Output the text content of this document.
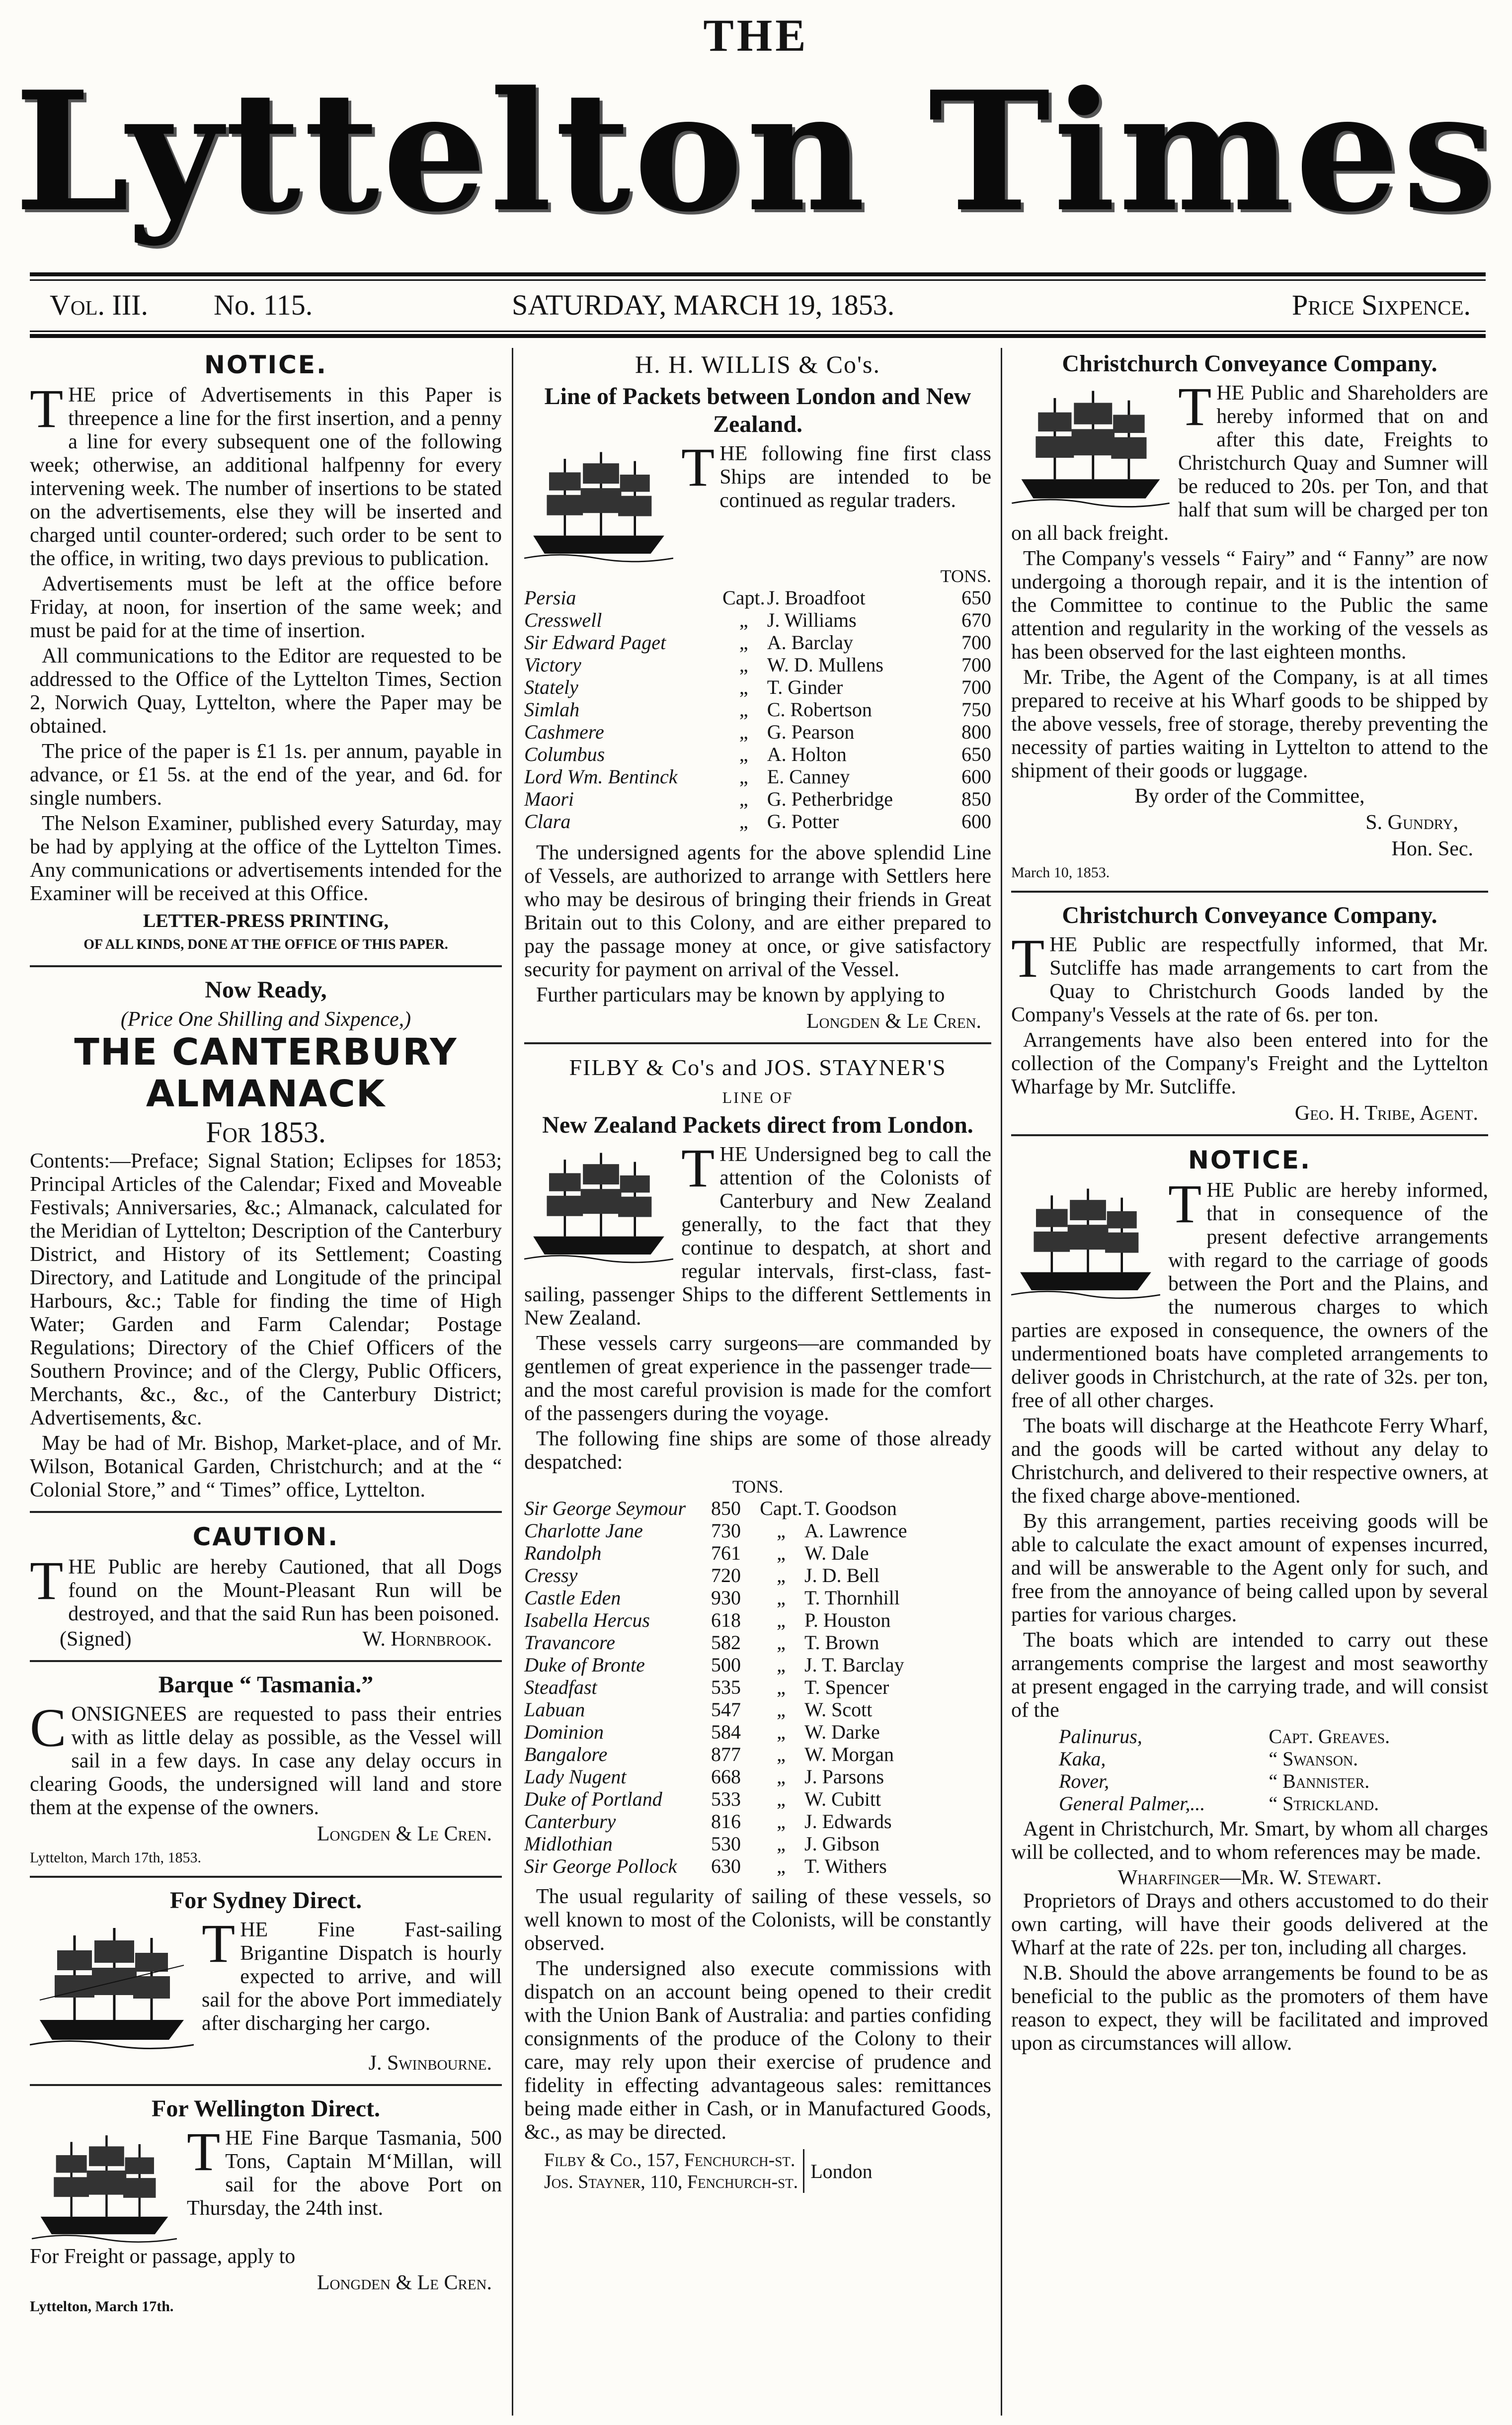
THE
Lyttelton Times
Vol. III. No. 115.	SATURDAY, MARCH 19, 1853.	Price Sixpence.
NOTICE.

THE price of Advertisements in this Paper is threepence a line for the first insertion, and a penny a line for every subsequent one of the following week; otherwise, an additional halfpenny for every intervening week. The number of insertions to be stated on the advertisements, else they will be inserted and charged until counter-ordered; such order to be sent to the office, in writing, two days previous to publication.

Advertisements must be left at the office before Friday, at noon, for insertion of the same week; and must be paid for at the time of insertion.

All communications to the Editor are requested to be addressed to the Office of the Lyttelton Times, Section 2, Norwich Quay, Lyttelton, where the Paper may be obtained.

The price of the paper is £1 1s. per annum, payable in advance, or £1 5s. at the end of the year, and 6d. for single numbers.

The Nelson Examiner, published every Saturday, may be had by applying at the office of the Lyttelton Times. Any communications or advertisements intended for the Examiner will be received at this Office.

LETTER-PRESS PRINTING,
OF ALL KINDS, DONE AT THE OFFICE OF THIS PAPER.
Now Ready,
(Price One Shilling and Sixpence,)
THE CANTERBURY ALMANACK
For 1853.

Contents:—Preface; Signal Station; Eclipses for 1853; Principal Articles of the Calendar; Fixed and Moveable Festivals; Anniversaries, &c.; Almanack, calculated for the Meridian of Lyttelton; Description of the Canterbury District, and History of its Settlement; Coasting Directory, and Latitude and Longitude of the principal Harbours, &c.; Table for finding the time of High Water; Garden and Farm Calendar; Postage Regulations; Directory of the Chief Officers of the Southern Province; and of the Clergy, Public Officers, Merchants, &c., &c., of the Canterbury District; Advertisements, &c.

May be had of Mr. Bishop, Market-place, and of Mr. Wilson, Botanical Garden, Christchurch; and at the “ Colonial Store,” and “ Times” office, Lyttelton.

CAUTION.

THE Public are hereby Cautioned, that all Dogs found on the Mount-Pleasant Run will be destroyed, and that the said Run has been poisoned.

(Signed)	W. Hornbrook.
Barque “ Tasmania.”

CONSIGNEES are requested to pass their entries with as little delay as possible, as the Vessel will sail in a few days. In case any delay occurs in clearing Goods, the undersigned will land and store them at the expense of the owners.

Longden & Le Cren.
Lyttelton, March 17th, 1853.
For Sydney Direct.

THE Fine Fast-sailing Brigantine Dispatch is hourly expected to arrive, and will sail for the above Port immediately after discharging her cargo.

J. Swinbourne.
For Wellington Direct.

THE Fine Barque Tasmania, 500 Tons, Captain M‘Millan, will sail for the above Port on Thursday, the 24th inst.

For Freight or passage, apply to

Longden & Le Cren.
Lyttelton, March 17th.
H. H. WILLIS & Co's.
Line of Packets between London and New Zealand.

THE following fine first class Ships are intended to be continued as regular traders.

TONS.
Persia	Capt.	J. Broadfoot	650
Cresswell	„	J. Williams	670
Sir Edward Paget	„	A. Barclay	700
Victory	„	W. D. Mullens	700
Stately	„	T. Ginder	700
Simlah	„	C. Robertson	750
Cashmere	„	G. Pearson	800
Columbus	„	A. Holton	650
Lord Wm. Bentinck	„	E. Canney	600
Maori	„	G. Petherbridge	850
Clara	„	G. Potter	600

The undersigned agents for the above splendid Line of Vessels, are authorized to arrange with Settlers here who may be desirous of bringing their friends in Great Britain out to this Colony, and are either prepared to pay the passage money at once, or give satisfactory security for payment on arrival of the Vessel.

Further particulars may be known by applying to

Longden & Le Cren.
FILBY & Co's and JOS. STAYNER'S
LINE OF
New Zealand Packets direct from London.

THE Undersigned beg to call the attention of the Colonists of Canterbury and New Zealand generally, to the fact that they continue to despatch, at short and regular intervals, first-class, fast-sailing, passenger Ships to the different Settlements in New Zealand.

These vessels carry surgeons—are commanded by gentlemen of great experience in the passenger trade—and the most careful provision is made for the comfort of the passengers during the voyage.

The following fine ships are some of those already despatched:

TONS.
Sir George Seymour	850	Capt.	T. Goodson
Charlotte Jane	730	„	A. Lawrence
Randolph	761	„	W. Dale
Cressy	720	„	J. D. Bell
Castle Eden	930	„	T. Thornhill
Isabella Hercus	618	„	P. Houston
Travancore	582	„	T. Brown
Duke of Bronte	500	„	J. T. Barclay
Steadfast	535	„	T. Spencer
Labuan	547	„	W. Scott
Dominion	584	„	W. Darke
Bangalore	877	„	W. Morgan
Lady Nugent	668	„	J. Parsons
Duke of Portland	533	„	W. Cubitt
Canterbury	816	„	J. Edwards
Midlothian	530	„	J. Gibson
Sir George Pollock	630	„	T. Withers

The usual regularity of sailing of these vessels, so well known to most of the Colonists, will be constantly observed.

The undersigned also execute commissions with dispatch on an account being opened to their credit with the Union Bank of Australia: and parties confiding consignments of the produce of the Colony to their care, may rely upon their exercise of prudence and fidelity in effecting advantageous sales: remittances being made either in Cash, or in Manufactured Goods, &c., as may be directed.

Filby & Co., 157, Fenchurch-st.
Jos. Stayner, 110, Fenchurch-st. London
Christchurch Conveyance Company.

THE Public and Shareholders are hereby informed that on and after this date, Freights to Christchurch Quay and Sumner will be reduced to 20s. per Ton, and that half that sum will be charged per ton on all back freight.

The Company's vessels “ Fairy” and “ Fanny” are now undergoing a thorough repair, and it is the intention of the Committee to continue to the Public the same attention and regularity in the working of the vessels as has been observed for the last eighteen months.

Mr. Tribe, the Agent of the Company, is at all times prepared to receive at his Wharf goods to be shipped by the above vessels, free of storage, thereby preventing the necessity of parties waiting in Lyttelton to attend to the shipment of their goods or luggage.

By order of the Committee,
S. Gundry,
Hon. Sec.
March 10, 1853.
Christchurch Conveyance Company.

THE Public are respectfully informed, that Mr. Sutcliffe has made arrangements to cart from the Quay to Christchurch Goods landed by the Company's Vessels at the rate of 6s. per ton.

Arrangements have also been entered into for the collection of the Company's Freight and the Lyttelton Wharfage by Mr. Sutcliffe.

Geo. H. Tribe, Agent.
NOTICE.

THE Public are hereby informed, that in consequence of the present defective arrangements with regard to the carriage of goods between the Port and the Plains, and the numerous charges to which parties are exposed in consequence, the owners of the undermentioned boats have completed arrangements to deliver goods in Christchurch, at the rate of 32s. per ton, free of all other charges.

The boats will discharge at the Heathcote Ferry Wharf, and the goods will be carted without any delay to Christchurch, and delivered to their respective owners, at the fixed charge above-mentioned.

By this arrangement, parties receiving goods will be able to calculate the exact amount of expenses incurred, and will be answerable to the Agent only for such, and free from the annoyance of being called upon by several parties for various charges.

The boats which are intended to carry out these arrangements comprise the largest and most seaworthy at present engaged in the carrying trade, and will consist of the

Palinurus,	Capt. Greaves.
Kaka,	“ Swanson.
Rover,	“ Bannister.
General Palmer,...	“ Strickland.

Agent in Christchurch, Mr. Smart, by whom all charges will be collected, and to whom references may be made.

Wharfinger—Mr. W. Stewart.

Proprietors of Drays and others accustomed to do their own carting, will have their goods delivered at the Wharf at the rate of 22s. per ton, including all charges.

N.B. Should the above arrangements be found to be as beneficial to the public as the promoters of them have reason to expect, they will be facilitated and improved upon as circumstances will allow.
